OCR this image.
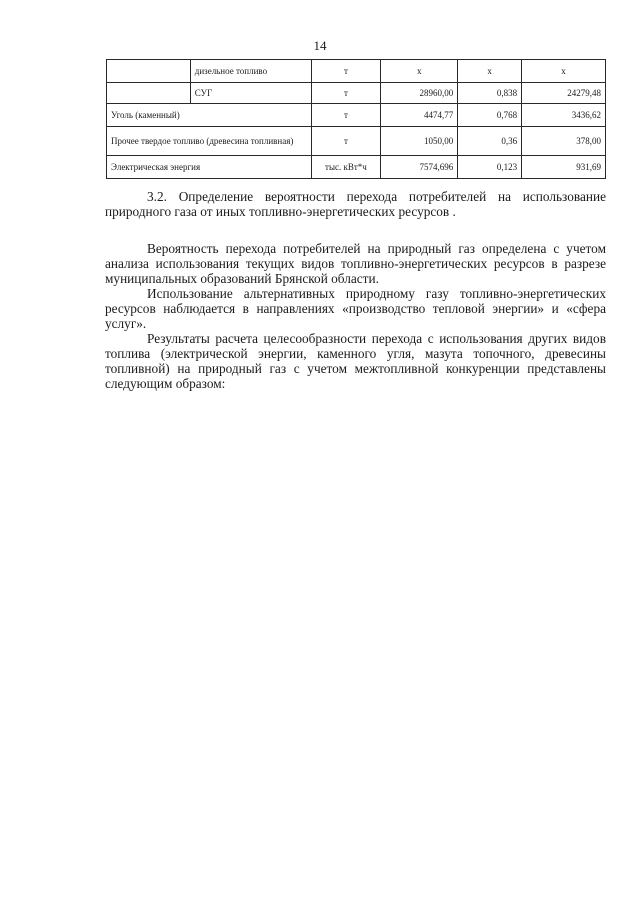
14
	дизельное топливо	т	х	х	х
	СУГ	т	28960,00	0,838	24279,48
Уголь (каменный)		т	4474,77	0,768	3436,62
Прочее твердое топливо (древесина топливная)		т	1050,00	0,36	378,00
Электрическая энергия		тыс. кВт*ч	7574,696	0,123	931,69

3.2. Определение вероятности перехода потребителей на использование природного газа от иных топливно-энергетических ресурсов .

Вероятность перехода потребителей на природный газ определена с учетом анализа использования текущих видов топливно-энергетических ресурсов в разрезе муниципальных образований Брянской области.

Использование альтернативных природному газу топливно-энергетических ресурсов наблюдается в направлениях «производство тепловой энергии» и «сфера услуг».

Результаты расчета целесообразности перехода с использования других видов топлива (электрической энергии, каменного угля, мазута топочного, древесины топливной) на природный газ с учетом межтопливной конкуренции представлены следующим образом:
